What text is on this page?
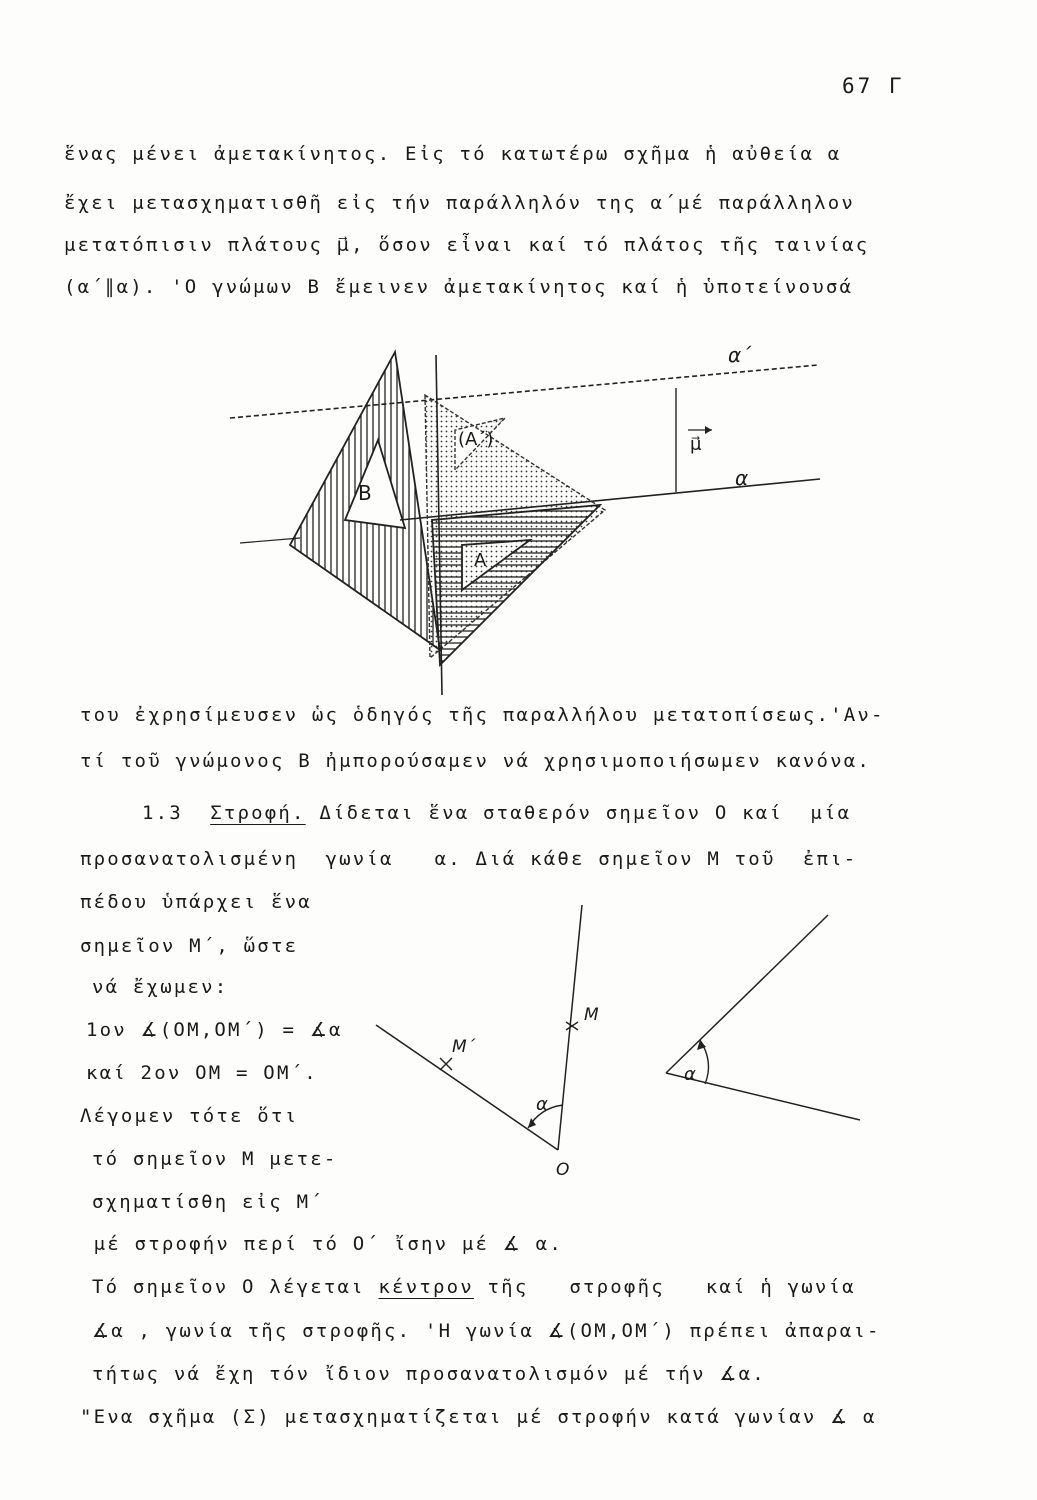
67 Γ
ἕνας μένει ἀμετακίνητος. Εἰς τό κατωτέρω σχῆμα ἡ αὐθεία α
ἔχει μετασχηματισθῆ εἰς τήν παράλληλόν της α΄μέ παράλληλον
μετατόπισιν πλάτους μ⃗, ὅσον εἶναι καί τό πλάτος τῆς ταινίας
(α΄∥α). 'Ο γνώμων Β ἔμεινεν ἀμετακίνητος καί ἡ ὑποτείνουσά
α΄
α
μ⃗
(A΄)
A
B
του ἐχρησίμευσεν ὡς ὁδηγός τῆς παραλλήλου μετατοπίσεως.'Αν-
τί τοῦ γνώμονος Β ἠμπορούσαμεν νά χρησιμοποιήσωμεν κανόνα.
1.3 Στροφή. Δίδεται ἕνα σταθερόν σημεῖον Ο καί  μία
προσανατολισμένη  γωνία   α. Διά κάθε σημεῖον Μ τοῦ  ἐπι-
πέδου ὑπάρχει ἕνα
σημεῖον Μ΄, ὥστε
νά ἔχωμεν:
1ον ∡(ΟΜ,ΟΜ΄) = ∡α
καί 2ον ΟΜ = ΟΜ΄.
Λέγομεν τότε ὅτι
τό σημεῖον Μ μετε-
σχηματίσθη εἰς Μ΄
μέ στροφήν περί τό Ο΄ ἴσην μέ ∡ α.
M
M΄
α
O
α
Τό σημεῖον Ο λέγεται κέντρον τῆς   στροφῆς   καί ἡ γωνία
∡α , γωνία τῆς στροφῆς. 'Η γωνία ∡(ΟΜ,ΟΜ΄) πρέπει ἀπαραι-
τήτως νά ἔχη τόν ἴδιον προσανατολισμόν μέ τήν ∡α.
"Ενα σχῆμα (Σ) μετασχηματίζεται μέ στροφήν κατά γωνίαν ∡ α
